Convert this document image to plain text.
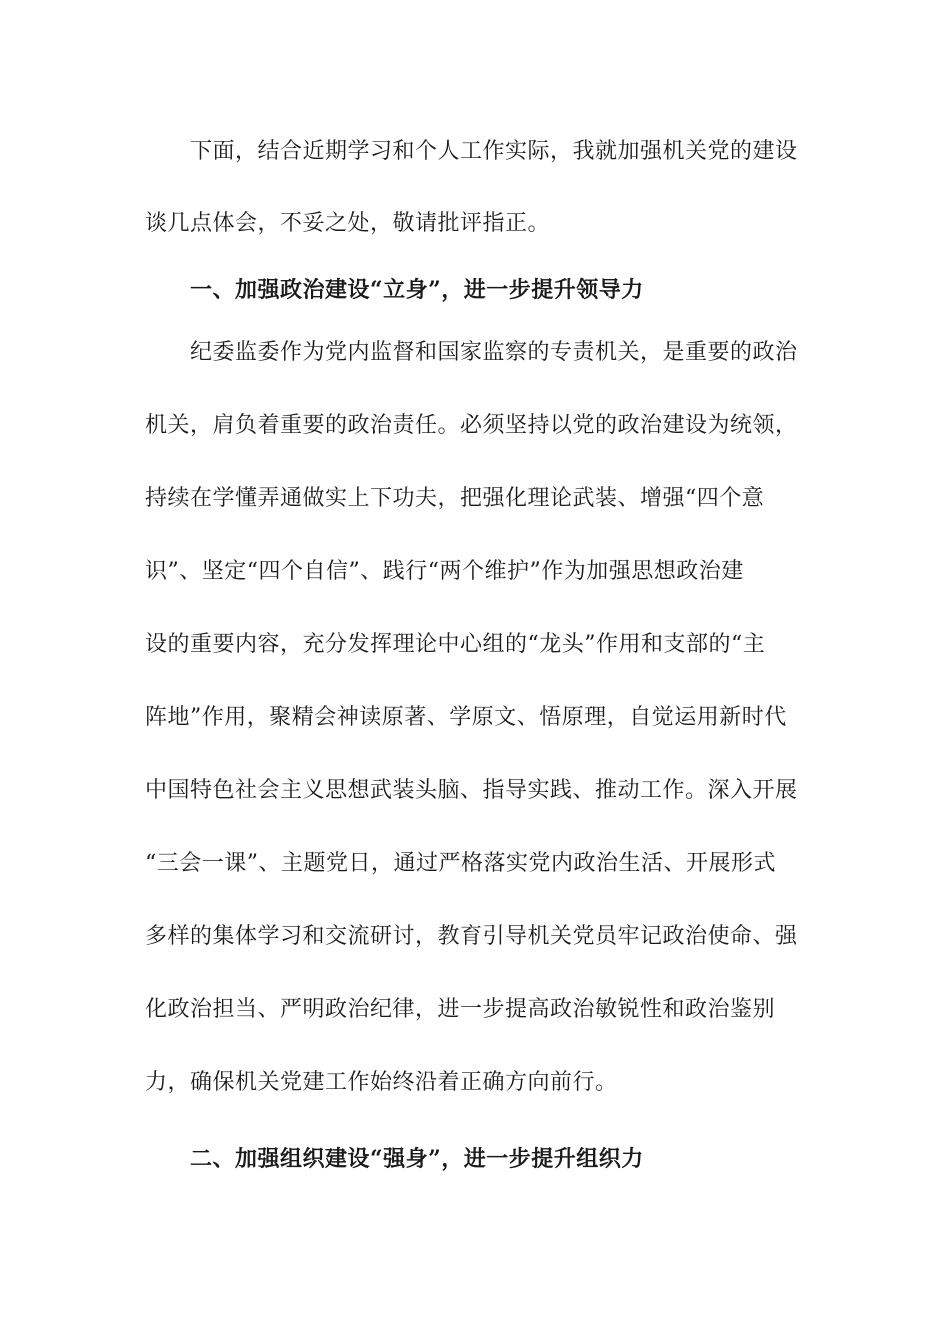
下面，结合近期学习和个人工作实际，我就加强机关党的建设
谈几点体会，不妥之处，敬请批评指正。
一、加强政治建设“立身”，进一步提升领导力
纪委监委作为党内监督和国家监察的专责机关，是重要的政治
机关，肩负着重要的政治责任。必须坚持以党的政治建设为统领，
持续在学懂弄通做实上下功夫，把强化理论武装、增强“四个意
识”、坚定“四个自信”、践行“两个维护”作为加强思想政治建
设的重要内容，充分发挥理论中心组的“龙头”作用和支部的“主
阵地”作用，聚精会神读原著、学原文、悟原理，自觉运用新时代
中国特色社会主义思想武装头脑、指导实践、推动工作。深入开展
“三会一课”、主题党日，通过严格落实党内政治生活、开展形式
多样的集体学习和交流研讨，教育引导机关党员牢记政治使命、强
化政治担当、严明政治纪律，进一步提高政治敏锐性和政治鉴别
力，确保机关党建工作始终沿着正确方向前行。
二、加强组织建设“强身”，进一步提升组织力
